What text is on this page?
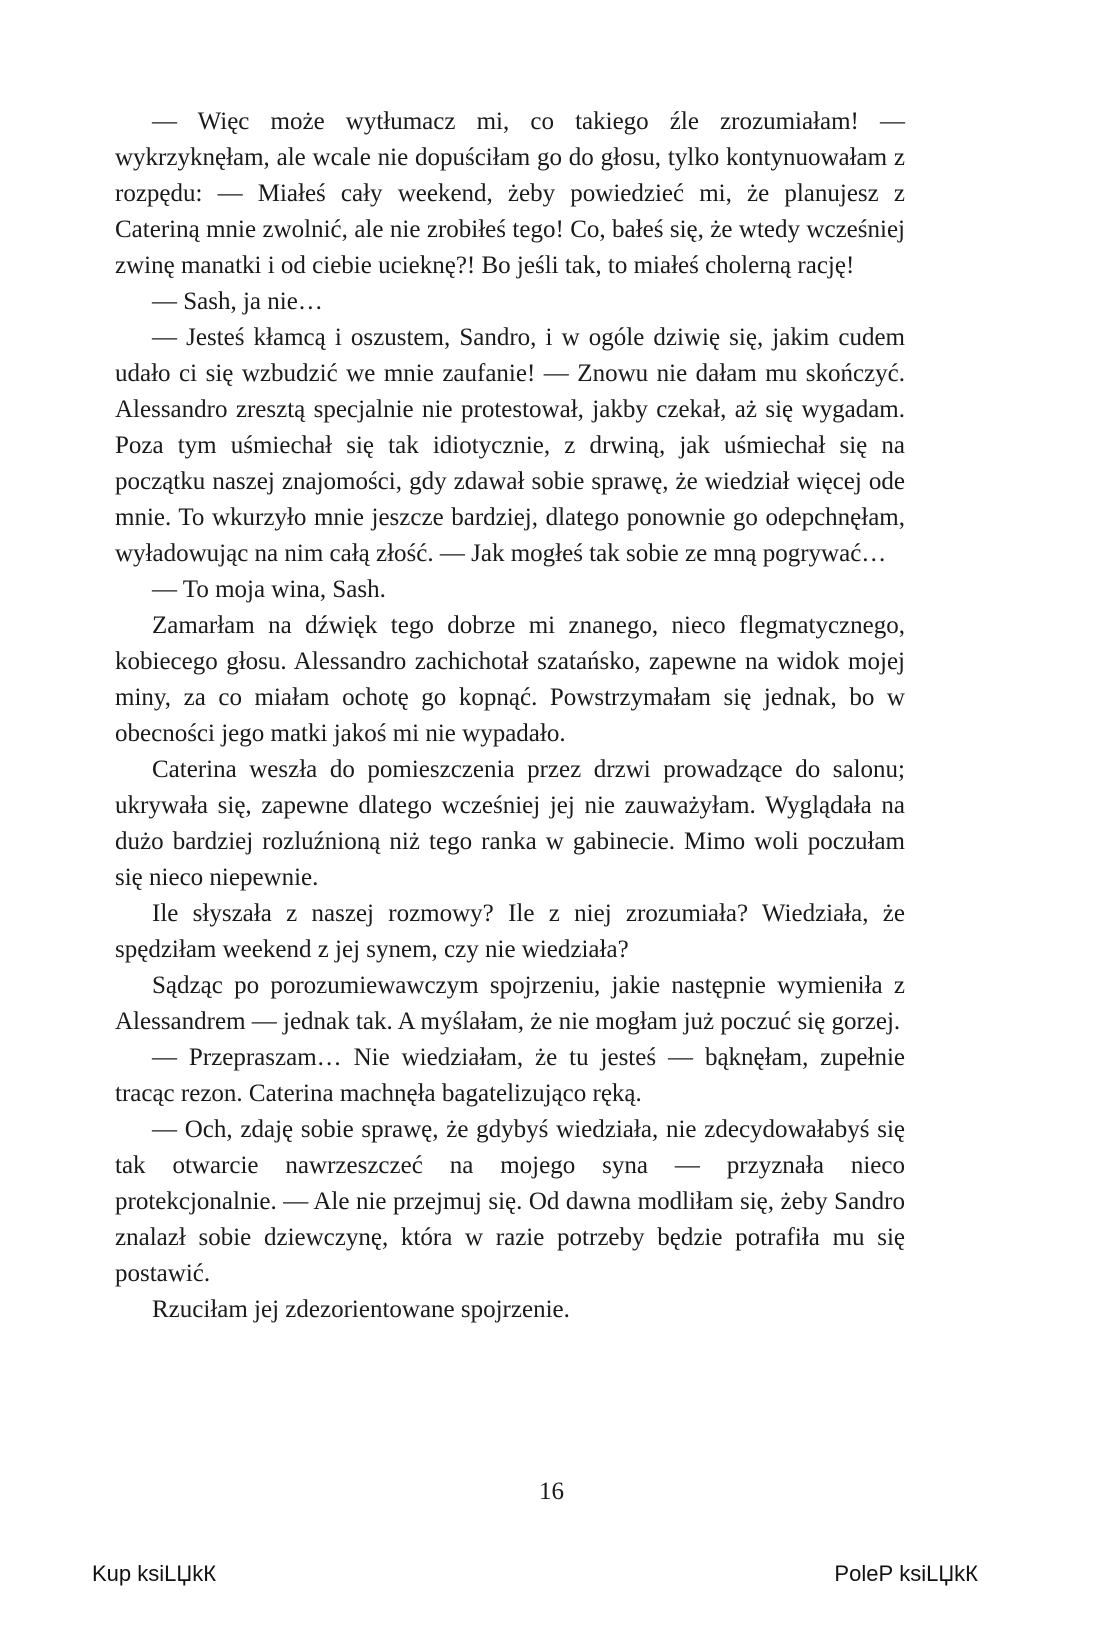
— Więc może wytłumacz mi, co takiego źle zrozumiałam! — wykrzyknęłam, ale wcale nie dopuściłam go do głosu, tylko kontynuowałam z rozpędu: — Miałeś cały weekend, żeby powiedzieć mi, że planujesz z Cateriną mnie zwolnić, ale nie zrobiłeś tego! Co, bałeś się, że wtedy wcześniej zwinę manatki i od ciebie ucieknę?! Bo jeśli tak, to miałeś cholerną rację!

— Sash, ja nie…

— Jesteś kłamcą i oszustem, Sandro, i w ogóle dziwię się, jakim cudem udało ci się wzbudzić we mnie zaufanie! — Znowu nie dałam mu skończyć. Alessandro zresztą specjalnie nie protestował, jakby czekał, aż się wygadam. Poza tym uśmiechał się tak idiotycznie, z drwiną, jak uśmiechał się na początku naszej znajomości, gdy zdawał sobie sprawę, że wiedział więcej ode mnie. To wkurzyło mnie jeszcze bardziej, dlatego ponownie go odepchnęłam, wyładowując na nim całą złość. — Jak mogłeś tak sobie ze mną pogrywać…

— To moja wina, Sash.

Zamarłam na dźwięk tego dobrze mi znanego, nieco flegmatycznego, kobiecego głosu. Alessandro zachichotał szatańsko, zapewne na widok mojej miny, za co miałam ochotę go kopnąć. Powstrzymałam się jednak, bo w obecności jego matki jakoś mi nie wypadało.

Caterina weszła do pomieszczenia przez drzwi prowadzące do salonu; ukrywała się, zapewne dlatego wcześniej jej nie zauważyłam. Wyglądała na dużo bardziej rozluźnioną niż tego ranka w gabinecie. Mimo woli poczułam się nieco niepewnie.

Ile słyszała z naszej rozmowy? Ile z niej zrozumiała? Wiedziała, że spędziłam weekend z jej synem, czy nie wiedziała?

Sądząc po porozumiewawczym spojrzeniu, jakie następnie wymieniła z Alessandrem — jednak tak. A myślałam, że nie mogłam już poczuć się gorzej.

— Przepraszam… Nie wiedziałam, że tu jesteś — bąknęłam, zupełnie tracąc rezon. Caterina machnęła bagatelizująco ręką.

— Och, zdaję sobie sprawę, że gdybyś wiedziała, nie zdecydowałabyś się tak otwarcie nawrzeszczeć na mojego syna — przyznała nieco protekcjonalnie. — Ale nie przejmuj się. Od dawna modliłam się, żeby Sandro znalazł sobie dziewczynę, która w razie potrzeby będzie potrafiła mu się postawić.

Rzuciłam jej zdezorientowane spojrzenie.

16
Kup ksiLЏkК	PoleР ksiLЏkК
